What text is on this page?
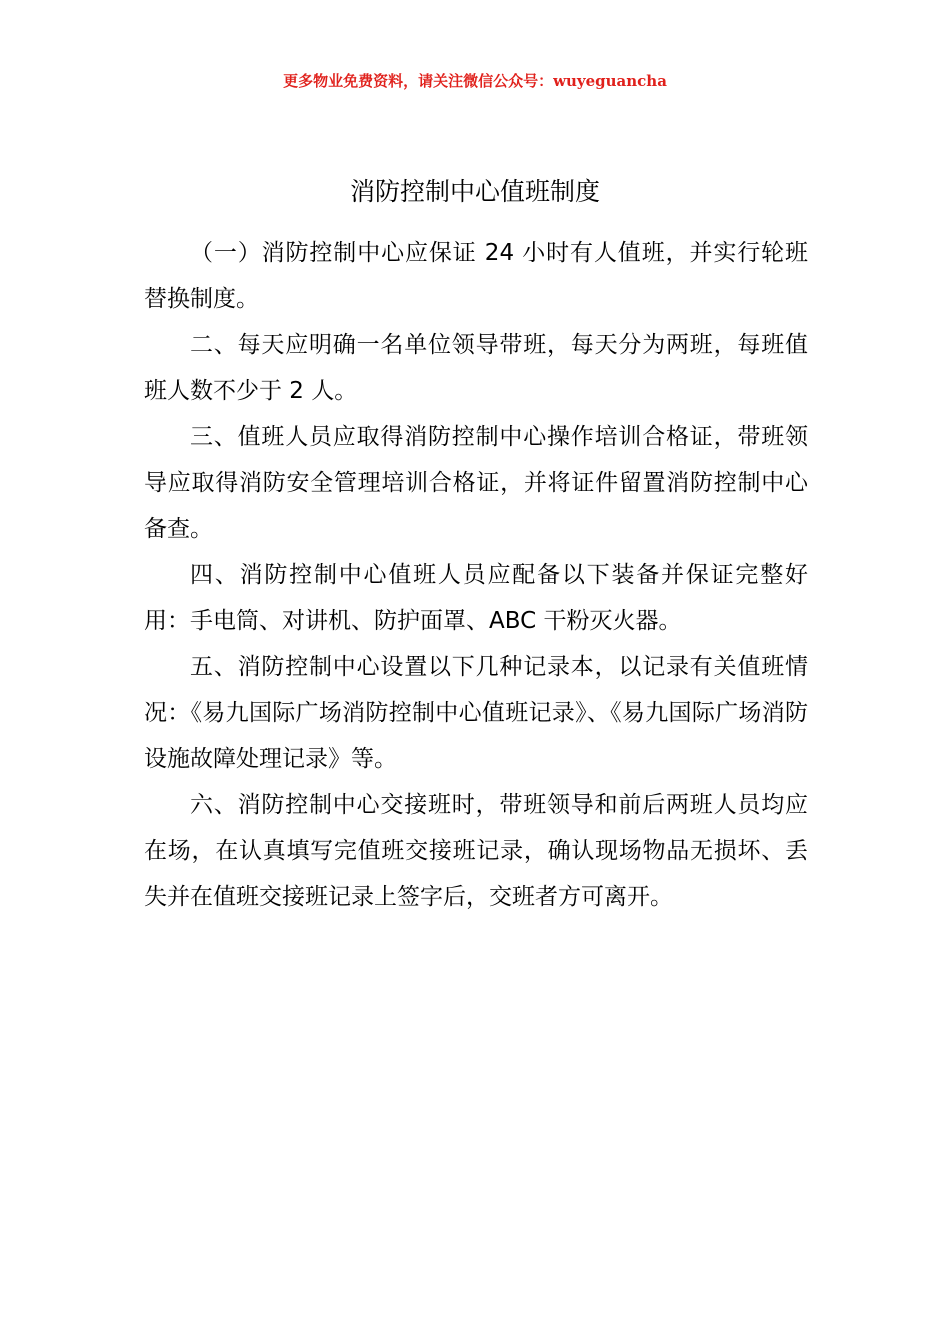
更多物业免费资料，请关注微信公众号：wuyeguancha
消防控制中心值班制度

（一）消防控制中心应保证 24 小时有人值班，并实行轮班替换制度。

二、每天应明确一名单位领导带班，每天分为两班，每班值班人数不少于 2 人。

三、值班人员应取得消防控制中心操作培训合格证，带班领导应取得消防安全管理培训合格证，并将证件留置消防控制中心备查。

四、消防控制中心值班人员应配备以下装备并保证完整好用：手电筒、对讲机、防护面罩、ABC 干粉灭火器。

五、消防控制中心设置以下几种记录本，以记录有关值班情况：《易九国际广场消防控制中心值班记录》、《易九国际广场消防设施故障处理记录》等。

六、消防控制中心交接班时，带班领导和前后两班人员均应在场，在认真填写完值班交接班记录，确认现场物品无损坏、丢失并在值班交接班记录上签字后，交班者方可离开。
